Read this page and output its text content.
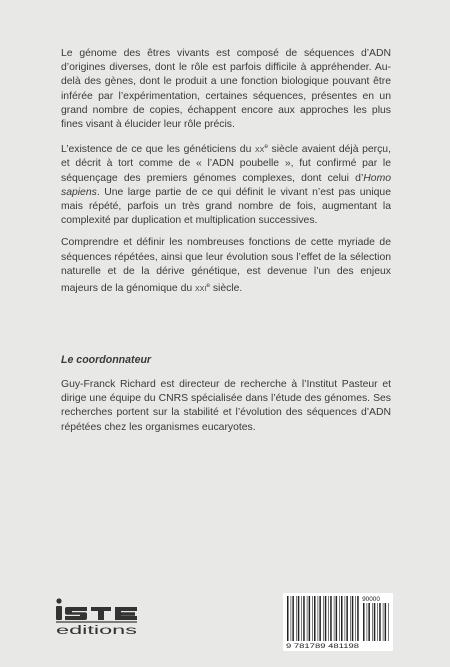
Le génome des êtres vivants est composé de séquences d’ADN d’origines diverses, dont le rôle est parfois difficile à appréhender. Au-delà des gènes, dont le produit a une fonction biologique pouvant être inférée par l’expérimentation, certaines séquences, présentes en un grand nombre de copies, échappent encore aux approches les plus fines visant à élucider leur rôle précis.

L’existence de ce que les généticiens du $xx^e$ siècle avaient déjà perçu, et décrit à tort comme de « l’ADN poubelle », fut confirmé par le séquençage des premiers génomes complexes, dont celui d’Homo sapiens. Une large partie de ce qui définit le vivant n’est pas unique mais répété, parfois un très grand nombre de fois, augmentant la complexité par duplication et multiplication successives.

Comprendre et définir les nombreuses fonctions de cette myriade de séquences répétées, ainsi que leur évolution sous l’effet de la sélection naturelle et de la dérive génétique, est devenue l’un des enjeux majeurs de la génomique du xxi$^e$ siècle.

Le coordonnateur

Guy-Franck Richard est directeur de recherche à l’Institut Pasteur et dirige une équipe du CNRS spécialisée dans l’étude des génomes. Ses recherches portent sur la stabilité et l’évolution des séquences d’ADN répétées chez les organismes eucaryotes.

editions
90000
9 781789 481198
